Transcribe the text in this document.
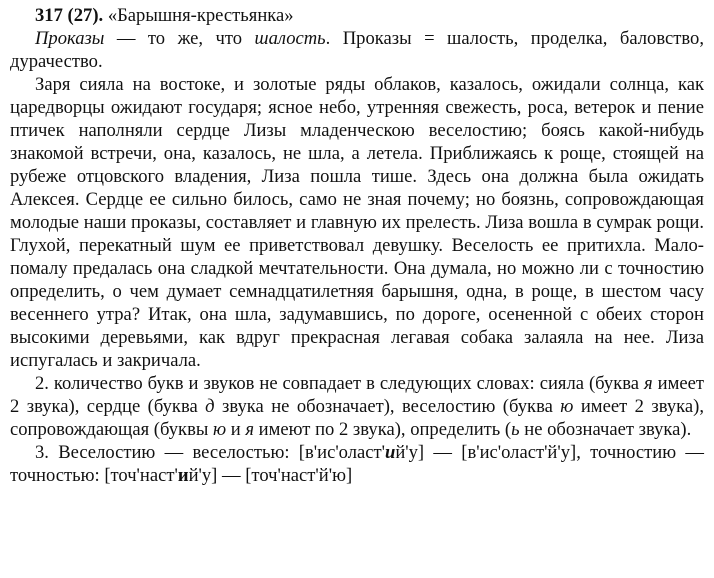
317 (27). «Барышня-крестьянка»

Проказы — то же, что шалость. Проказы = шалость, проделка, баловство, дурачество.

Заря сияла на востоке, и золотые ряды облаков, казалось, ожидали солнца, как царедворцы ожидают государя; ясное небо, утренняя свежесть, роса, ветерок и пение птичек наполняли сердце Лизы младенческою веселостию; боясь какой-нибудь знакомой встречи, она, казалось, не шла, а летела. Приближаясь к роще, стоящей на рубеже отцовского владения, Лиза пошла тише. Здесь она должна была ожидать Алексея. Сердце ее сильно билось, само не зная почему; но боязнь, сопровождающая молодые наши проказы, составляет и главную их прелесть. Лиза вошла в сумрак рощи. Глухой, перекатный шум ее приветствовал девушку. Веселость ее притихла. Мало-помалу предалась она сладкой мечтательности. Она думала, но можно ли с точностию определить, о чем думает семнадцатилетняя барышня, одна, в роще, в шестом часу весеннего утра? Итак, она шла, задумавшись, по дороге, осененной с обеих сторон высокими деревьями, как вдруг прекрасная легавая собака залаяла на нее. Лиза испугалась и закричала.

2. количество букв и звуков не совпадает в следующих словах: сияла (буква я имеет 2 звука), сердце (буква д звука не обозначает), веселостию (буква ю имеет 2 звука), сопровождающая (буквы ю и я имеют по 2 звука), определить (ь не обозначает звука).

3. Веселостию — веселостью: [в'ис'оласт'ий'у] — [в'ис'оласт'й'у], точностию — точностью: [точ'наст'ий'у] — [точ'наст'й'ю]
